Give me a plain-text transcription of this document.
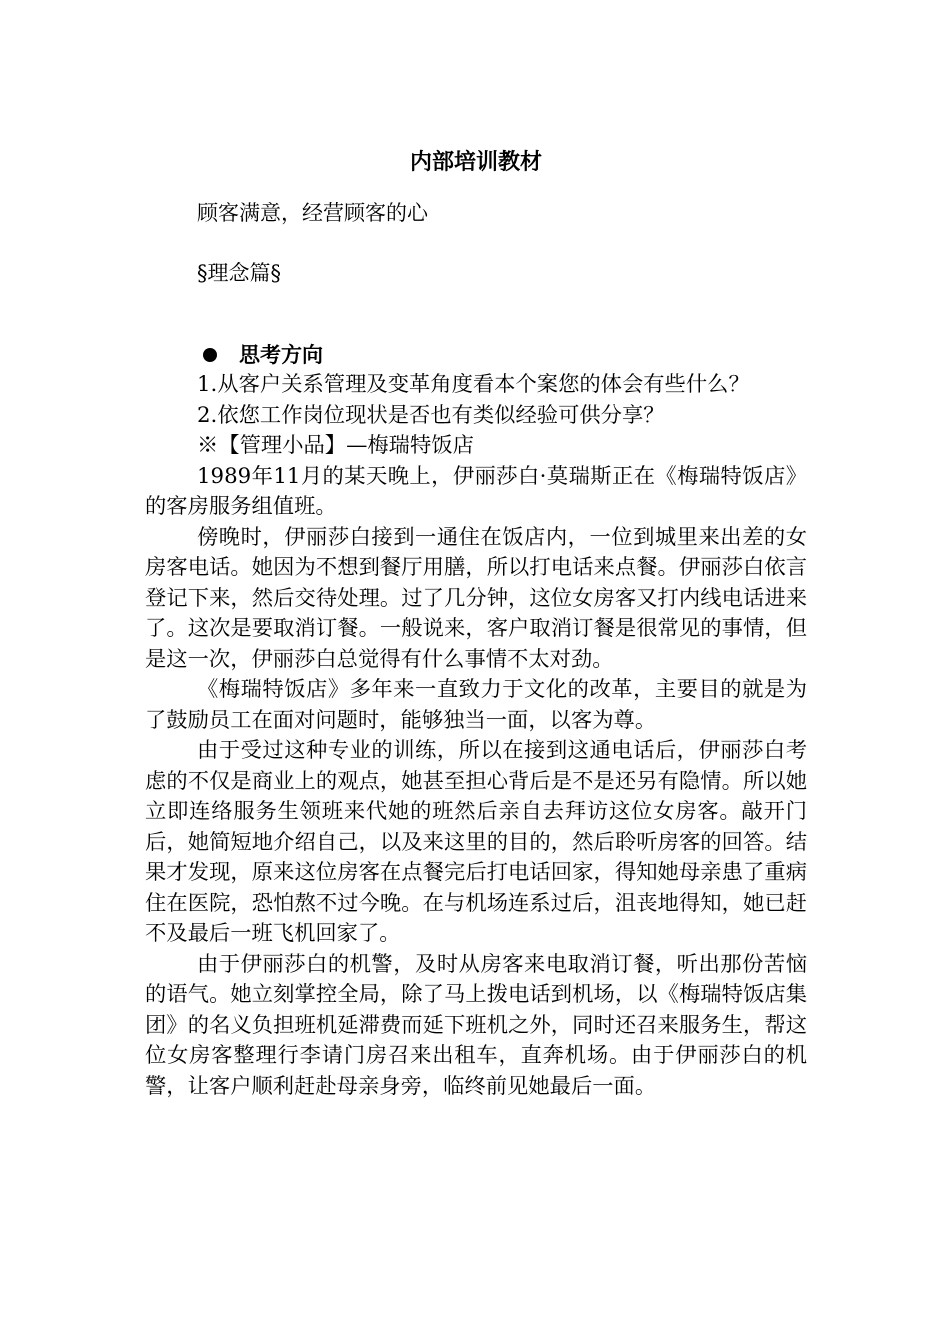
内部培训教材
顾客满意，经营顾客的心
§理念篇§
思考方向

1.从客户关系管理及变革角度看本个案您的体会有些什么？

2.依您工作岗位现状是否也有类似经验可供分享？

※【管理小品】—梅瑞特饭店

1989年11月的某天晚上，伊丽莎白·莫瑞斯正在《梅瑞特饭店》的客房服务组值班。

傍晚时，伊丽莎白接到一通住在饭店内，一位到城里来出差的女房客电话。她因为不想到餐厅用膳，所以打电话来点餐。伊丽莎白依言登记下来，然后交待处理。过了几分钟，这位女房客又打内线电话进来了。这次是要取消订餐。一般说来，客户取消订餐是很常见的事情，但是这一次，伊丽莎白总觉得有什么事情不太对劲。

《梅瑞特饭店》多年来一直致力于文化的改革，主要目的就是为了鼓励员工在面对问题时，能够独当一面，以客为尊。

由于受过这种专业的训练，所以在接到这通电话后，伊丽莎白考虑的不仅是商业上的观点，她甚至担心背后是不是还另有隐情。所以她立即连络服务生领班来代她的班然后亲自去拜访这位女房客。敲开门后，她简短地介绍自己，以及来这里的目的，然后聆听房客的回答。结果才发现，原来这位房客在点餐完后打电话回家，得知她母亲患了重病住在医院，恐怕熬不过今晚。在与机场连系过后，沮丧地得知，她已赶不及最后一班飞机回家了。

由于伊丽莎白的机警，及时从房客来电取消订餐，听出那份苦恼的语气。她立刻掌控全局，除了马上拨电话到机场，以《梅瑞特饭店集团》的名义负担班机延滞费而延下班机之外，同时还召来服务生，帮这位女房客整理行李请门房召来出租车，直奔机场。由于伊丽莎白的机警，让客户顺利赶赴母亲身旁，临终前见她最后一面。
